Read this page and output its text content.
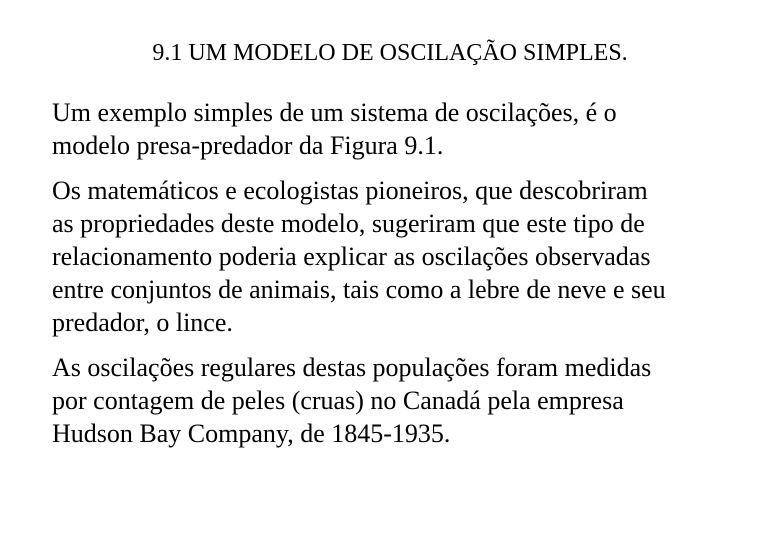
9.1 UM MODELO DE OSCILAÇÃO SIMPLES.

Um exemplo simples de um sistema de oscilações, é o
modelo presa-predador da Figura 9.1.

Os matemáticos e ecologistas pioneiros, que descobriram
as propriedades deste modelo, sugeriram que este tipo de
relacionamento poderia explicar as oscilações observadas
entre conjuntos de animais, tais como a lebre de neve e seu
predador, o lince.

As oscilações regulares destas populações foram medidas
por contagem de peles (cruas) no Canadá pela empresa
Hudson Bay Company, de 1845-1935.
